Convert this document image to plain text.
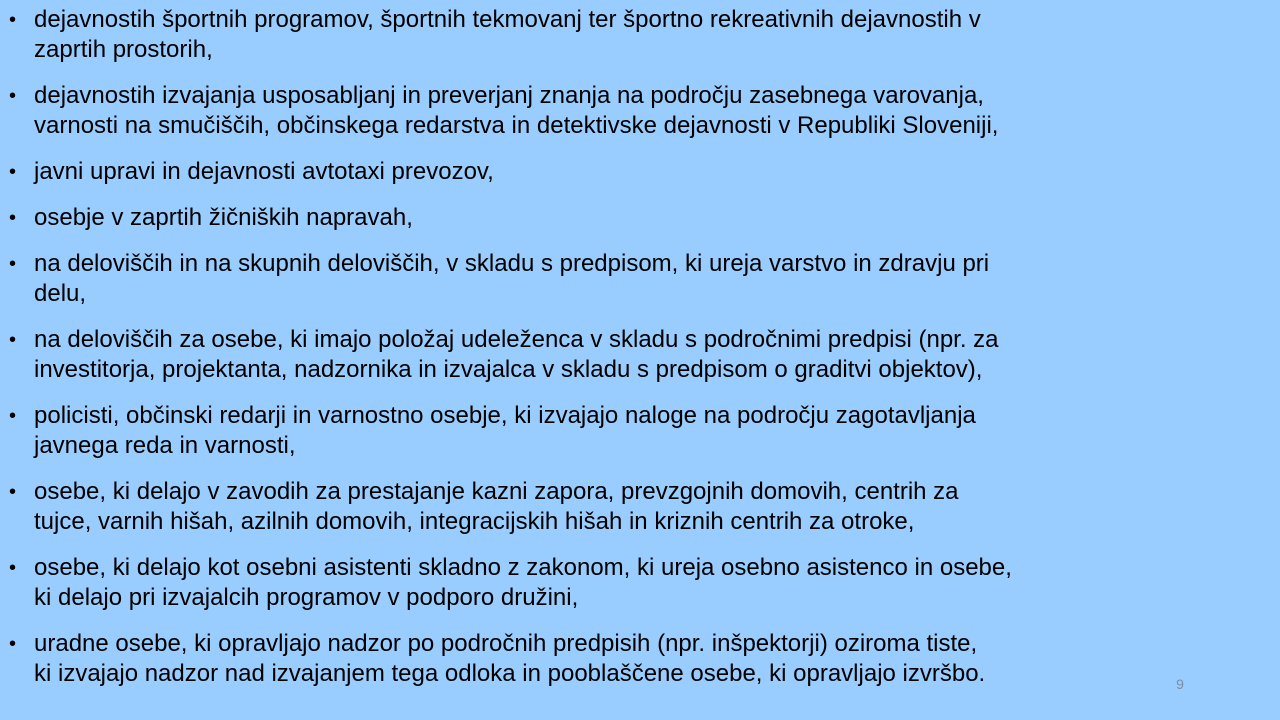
• dejavnostih športnih programov, športnih tekmovanj ter športno rekreativnih dejavnostih v
zaprtih prostorih,
• dejavnostih izvajanja usposabljanj in preverjanj znanja na področju zasebnega varovanja,
varnosti na smučiščih, občinskega redarstva in detektivske dejavnosti v Republiki Sloveniji,
• javni upravi in dejavnosti avtotaxi prevozov,
• osebje v zaprtih žičniških napravah,
• na deloviščih in na skupnih deloviščih, v skladu s predpisom, ki ureja varstvo in zdravju pri
delu,
• na deloviščih za osebe, ki imajo položaj udeleženca v skladu s področnimi predpisi (npr. za
investitorja, projektanta, nadzornika in izvajalca v skladu s predpisom o graditvi objektov),
• policisti, občinski redarji in varnostno osebje, ki izvajajo naloge na področju zagotavljanja
javnega reda in varnosti,
• osebe, ki delajo v zavodih za prestajanje kazni zapora, prevzgojnih domovih, centrih za
tujce, varnih hišah, azilnih domovih, integracijskih hišah in kriznih centrih za otroke,
• osebe, ki delajo kot osebni asistenti skladno z zakonom, ki ureja osebno asistenco in osebe,
ki delajo pri izvajalcih programov v podporo družini,
• uradne osebe, ki opravljajo nadzor po področnih predpisih (npr. inšpektorji) oziroma tiste,
ki izvajajo nadzor nad izvajanjem tega odloka in pooblaščene osebe, ki opravljajo izvršbo.	9
